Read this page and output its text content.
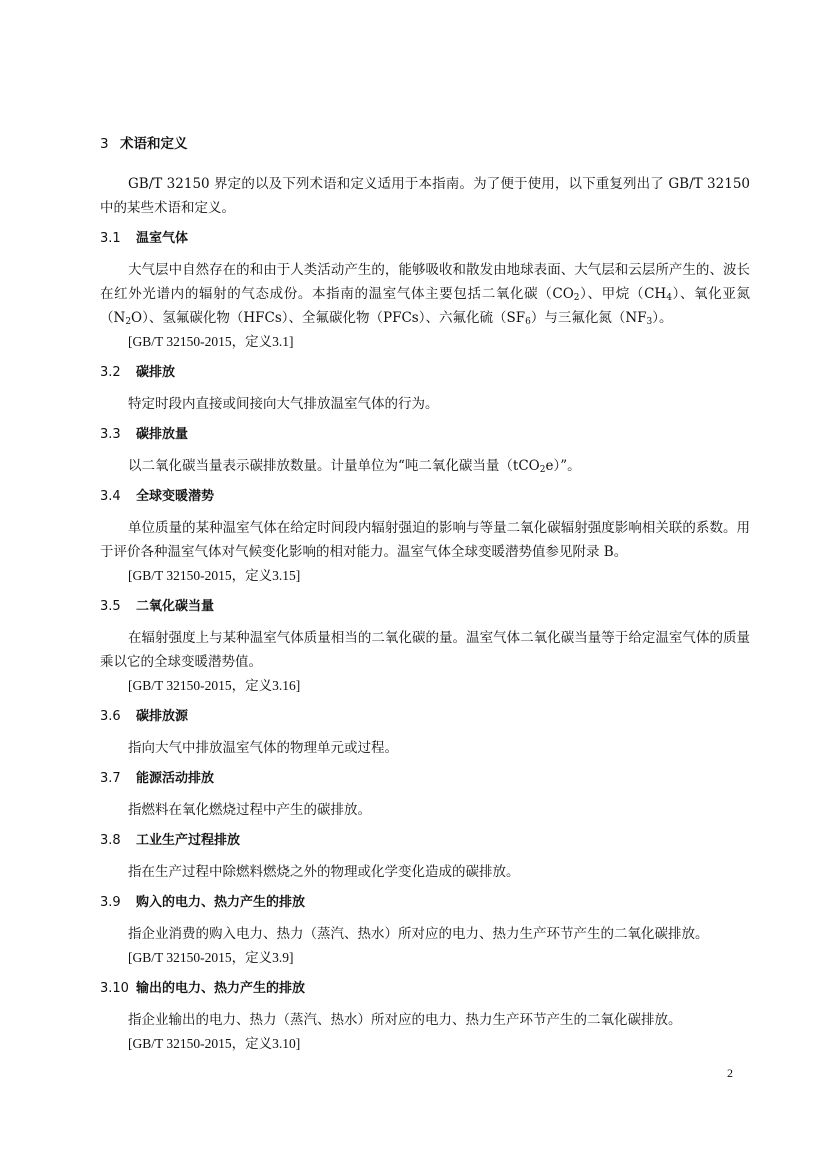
3 术语和定义

GB/T 32150 界定的以及下列术语和定义适用于本指南。为了便于使用，以下重复列出了 GB/T 32150 中的某些术语和定义。

3.1 温室气体

大气层中自然存在的和由于人类活动产生的，能够吸收和散发由地球表面、大气层和云层所产生的、波长在红外光谱内的辐射的气态成份。本指南的温室气体主要包括二氧化碳$(CO_2)$、甲烷$(CH_4)$、氧化亚氮$(N_2O)$、氢氟碳化物（HFCs）、全氟碳化物（PFCs）、六氟化硫$(SF_6)$与三氟化氮$(NF_3)$。

[GB/T 32150-2015，定义3.1]

3.2 碳排放

特定时段内直接或间接向大气排放温室气体的行为。

3.3 碳排放量

以二氧化碳当量表示碳排放数量。计量单位为“吨二氧化碳当量（tCO$_2$e）”。

3.4 全球变暖潜势

单位质量的某种温室气体在给定时间段内辐射强迫的影响与等量二氧化碳辐射强度影响相关联的系数。用于评价各种温室气体对气候变化影响的相对能力。温室气体全球变暖潜势值参见附录 B。

[GB/T 32150-2015，定义3.15]

3.5 二氧化碳当量

在辐射强度上与某种温室气体质量相当的二氧化碳的量。温室气体二氧化碳当量等于给定温室气体的质量乘以它的全球变暖潜势值。

[GB/T 32150-2015，定义3.16]

3.6 碳排放源

指向大气中排放温室气体的物理单元或过程。

3.7 能源活动排放

指燃料在氧化燃烧过程中产生的碳排放。

3.8 工业生产过程排放

指在生产过程中除燃料燃烧之外的物理或化学变化造成的碳排放。

3.9 购入的电力、热力产生的排放

指企业消费的购入电力、热力（蒸汽、热水）所对应的电力、热力生产环节产生的二氧化碳排放。

[GB/T 32150-2015，定义3.9]

3.10 输出的电力、热力产生的排放

指企业输出的电力、热力（蒸汽、热水）所对应的电力、热力生产环节产生的二氧化碳排放。

[GB/T 32150-2015，定义3.10]

2
